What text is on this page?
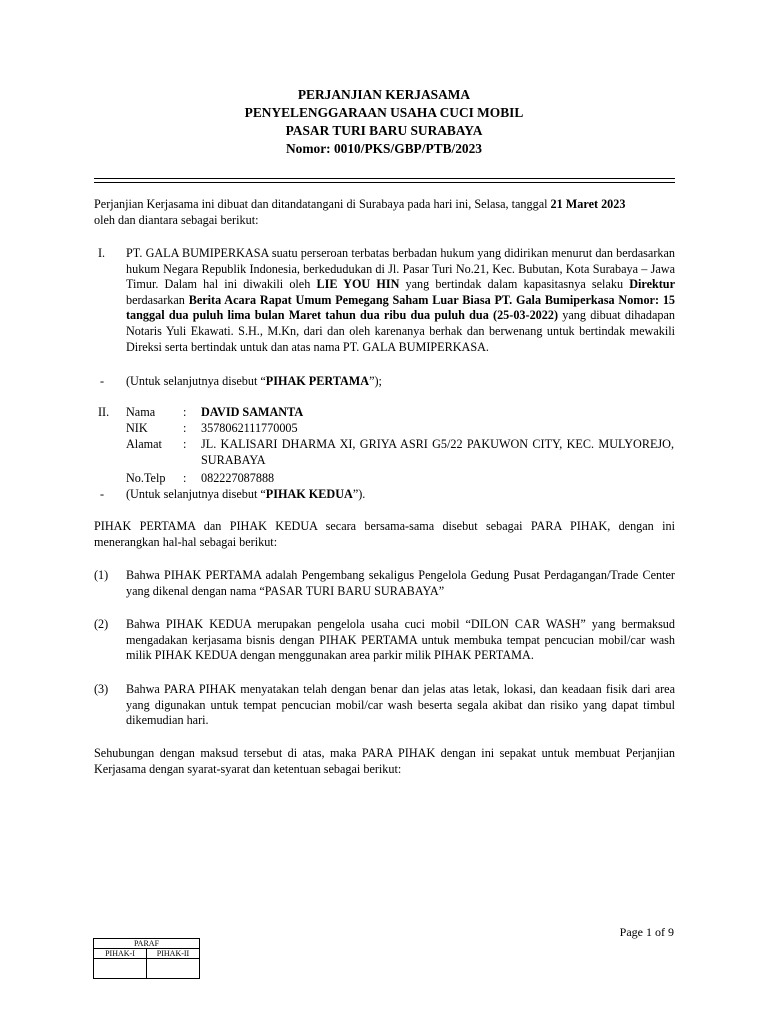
PERJANJIAN KERJASAMA
PENYELENGGARAAN USAHA CUCI MOBIL
PASAR TURI BARU SURABAYA
Nomor: 0010/PKS/GBP/PTB/2023
Perjanjian Kerjasama ini dibuat dan ditandatangani di Surabaya pada hari ini, Selasa, tanggal 21 Maret 2023
oleh dan diantara sebagai berikut:
I. PT. GALA BUMIPERKASA suatu perseroan terbatas berbadan hukum yang didirikan menurut dan berdasarkan hukum Negara Republik Indonesia, berkedudukan di Jl. Pasar Turi No.21, Kec. Bubutan, Kota Surabaya – Jawa Timur. Dalam hal ini diwakili oleh LIE YOU HIN yang bertindak dalam kapasitasnya selaku Direktur berdasarkan Berita Acara Rapat Umum Pemegang Saham Luar Biasa PT. Gala Bumiperkasa Nomor: 15 tanggal dua puluh lima bulan Maret tahun dua ribu dua puluh dua (25-03-2022) yang dibuat dihadapan Notaris Yuli Ekawati. S.H., M.Kn, dari dan oleh karenanya berhak dan berwenang untuk bertindak mewakili Direksi serta bertindak untuk dan atas nama PT. GALA BUMIPERKASA.
- (Untuk selanjutnya disebut “PIHAK PERTAMA”);
II. Nama : DAVID SAMANTA
NIK	: 3578062111770005
Alamat : JL. KALISARI DHARMA XI, GRIYA ASRI G5/22 PAKUWON CITY, KEC. MULYOREJO, SURABAYA
No.Telp : 082227087888
- (Untuk selanjutnya disebut “PIHAK KEDUA”).
PIHAK PERTAMA dan PIHAK KEDUA secara bersama-sama disebut sebagai PARA PIHAK, dengan ini menerangkan hal-hal sebagai berikut:
(1) Bahwa PIHAK PERTAMA adalah Pengembang sekaligus Pengelola Gedung Pusat Perdagangan/Trade Center yang dikenal dengan nama “PASAR TURI BARU SURABAYA”
(2) Bahwa PIHAK KEDUA merupakan pengelola usaha cuci mobil “DILON CAR WASH” yang bermaksud mengadakan kerjasama bisnis dengan PIHAK PERTAMA untuk membuka tempat pencucian mobil/car wash milik PIHAK KEDUA dengan menggunakan area parkir milik PIHAK PERTAMA.
(3) Bahwa PARA PIHAK menyatakan telah dengan benar dan jelas atas letak, lokasi, dan keadaan fisik dari area yang digunakan untuk tempat pencucian mobil/car wash beserta segala akibat dan risiko yang dapat timbul dikemudian hari.
Sehubungan dengan maksud tersebut di atas, maka PARA PIHAK dengan ini sepakat untuk membuat Perjanjian Kerjasama dengan syarat-syarat dan ketentuan sebagai berikut:
Page 1 of 9
PARAF	
PIHAK-I	PIHAK-II
